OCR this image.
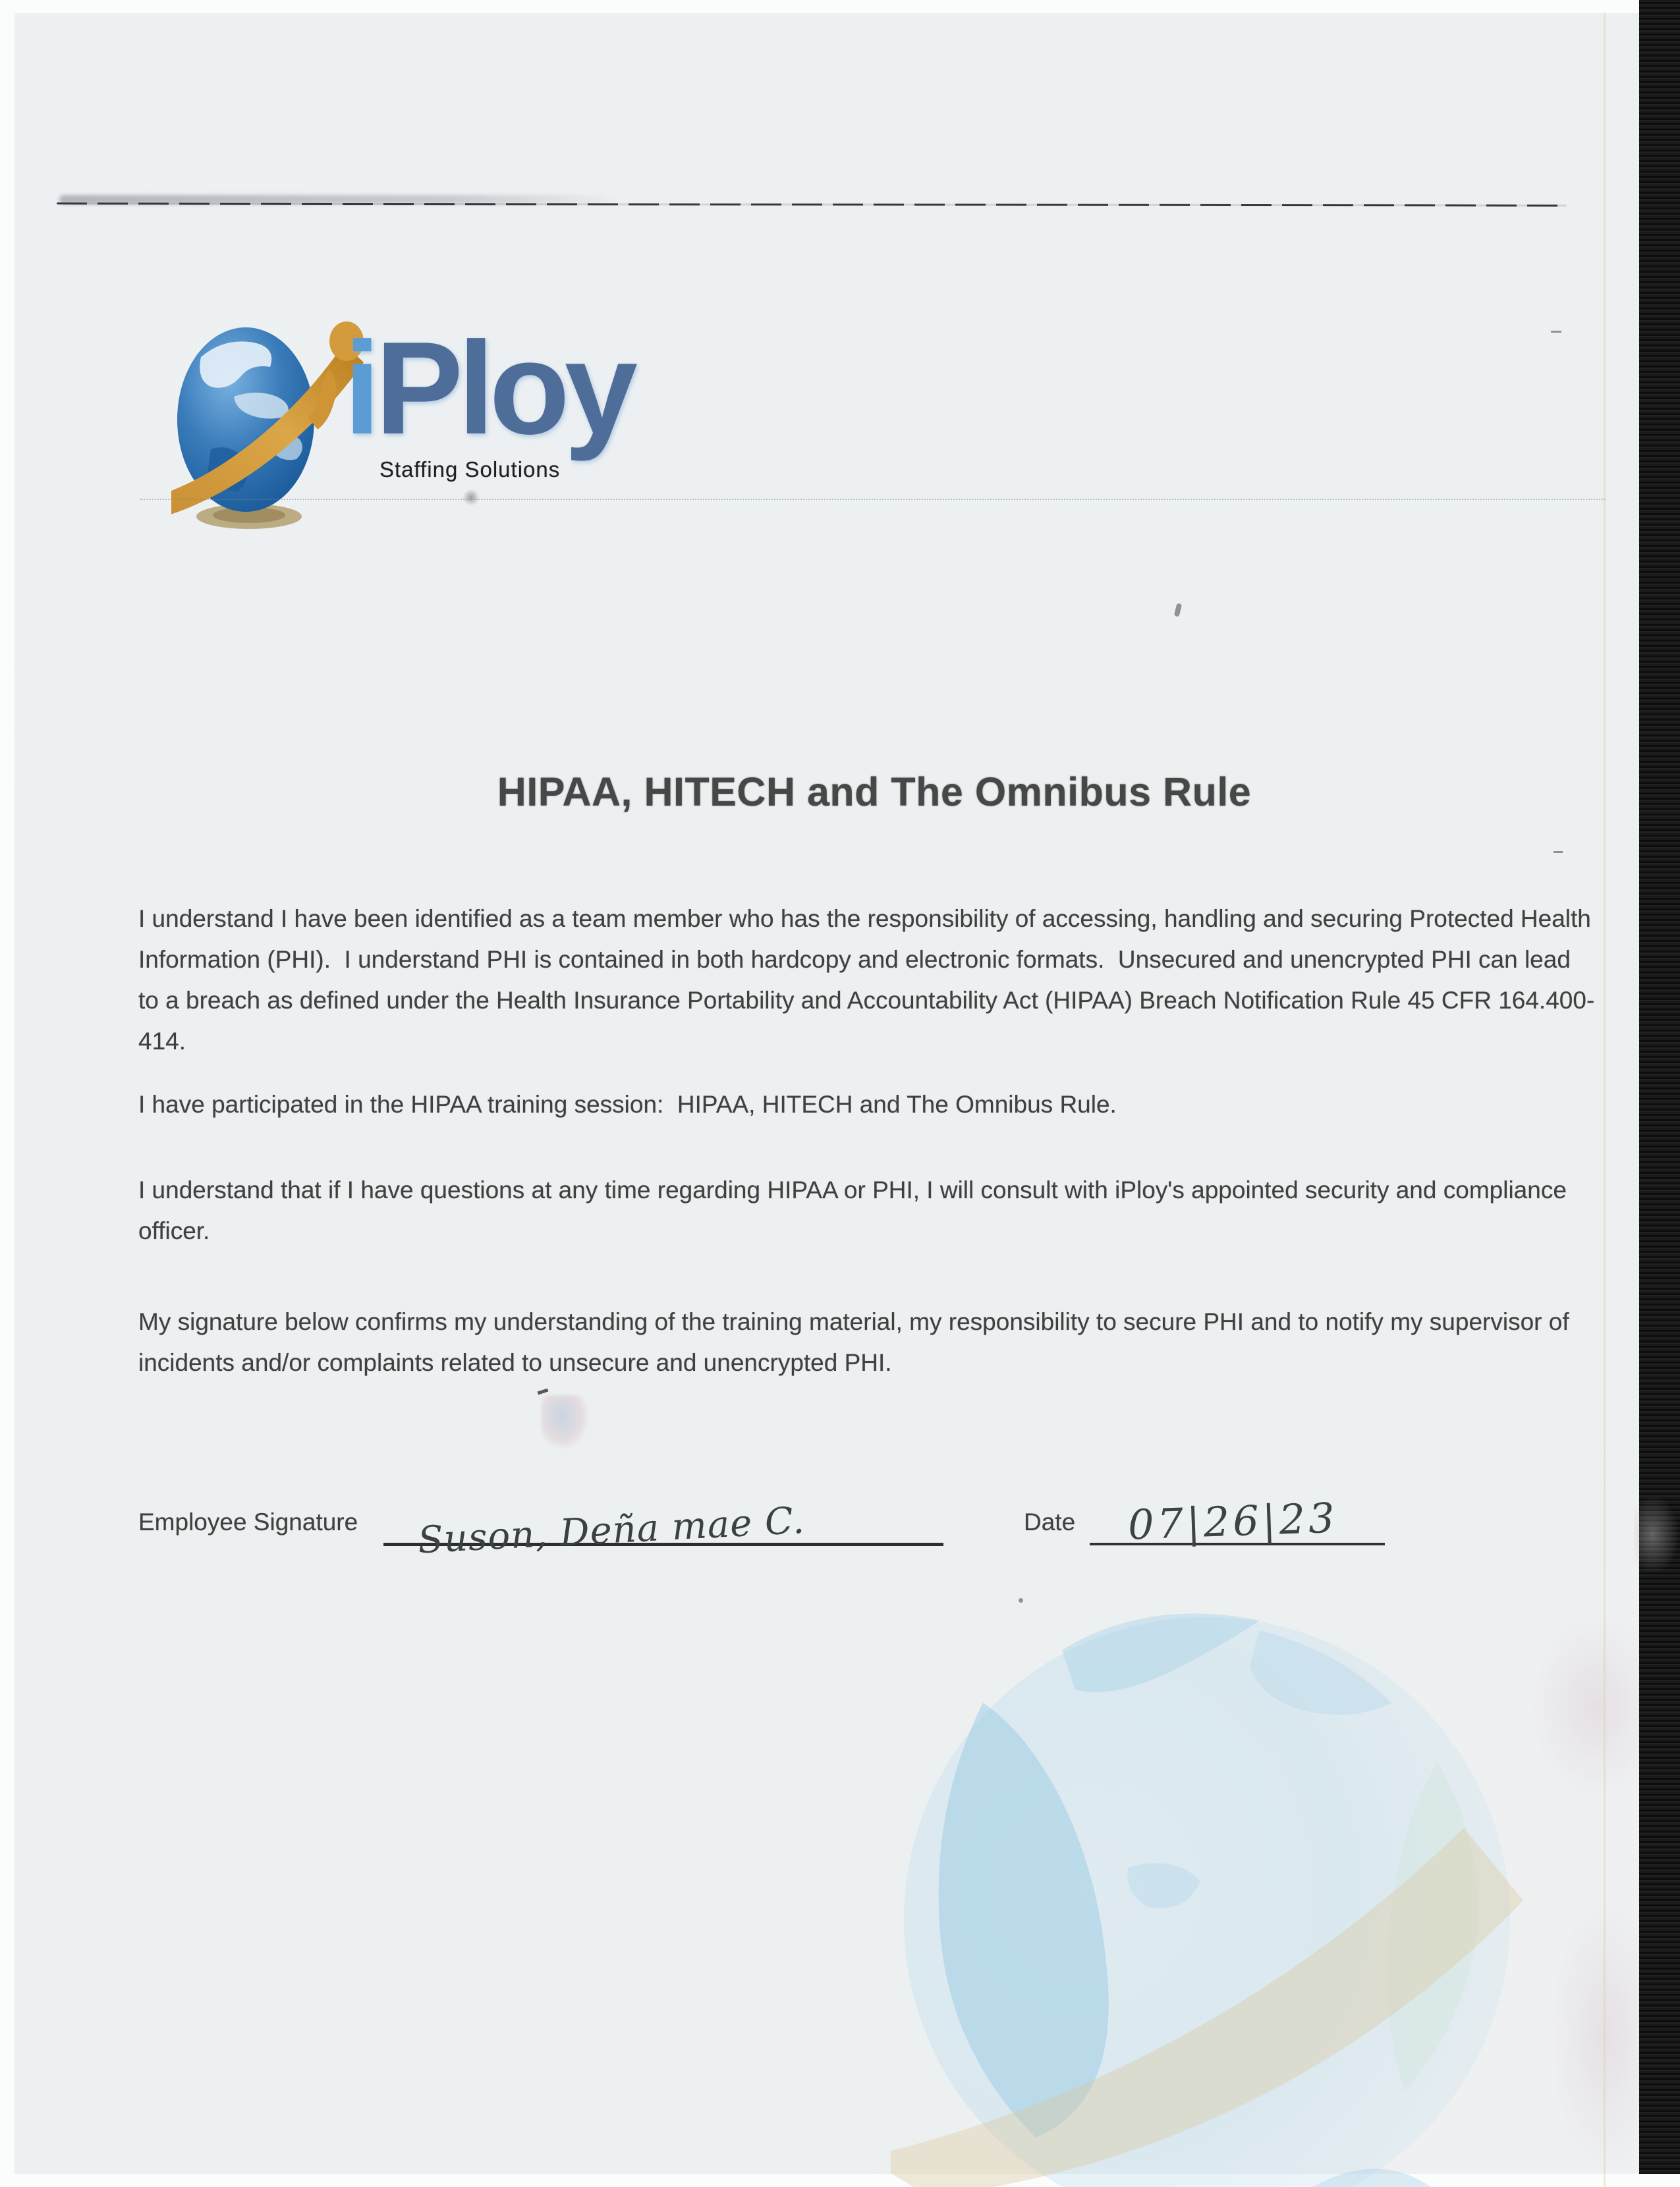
iPloy
Staffing Solutions
HIPAA, HITECH and The Omnibus Rule

I understand I have been identified as a team member who has the responsibility of accessing, handling and securing Protected Health Information (PHI).  I understand PHI is contained in both hardcopy and electronic formats.  Unsecured and unencrypted PHI can lead to a breach as defined under the Health Insurance Portability and Accountability Act (HIPAA) Breach Notification Rule 45 CFR 164.400-414.

I have participated in the HIPAA training session:  HIPAA, HITECH and The Omnibus Rule.

I understand that if I have questions at any time regarding HIPAA or PHI, I will consult with iPloy's appointed security and compliance officer.

My signature below confirms my understanding of the training material, my responsibility to secure PHI and to notify my supervisor of incidents and/or complaints related to unsecure and unencrypted PHI.

Employee Signature Suson, Deña mae C.	Date 07|26|23
